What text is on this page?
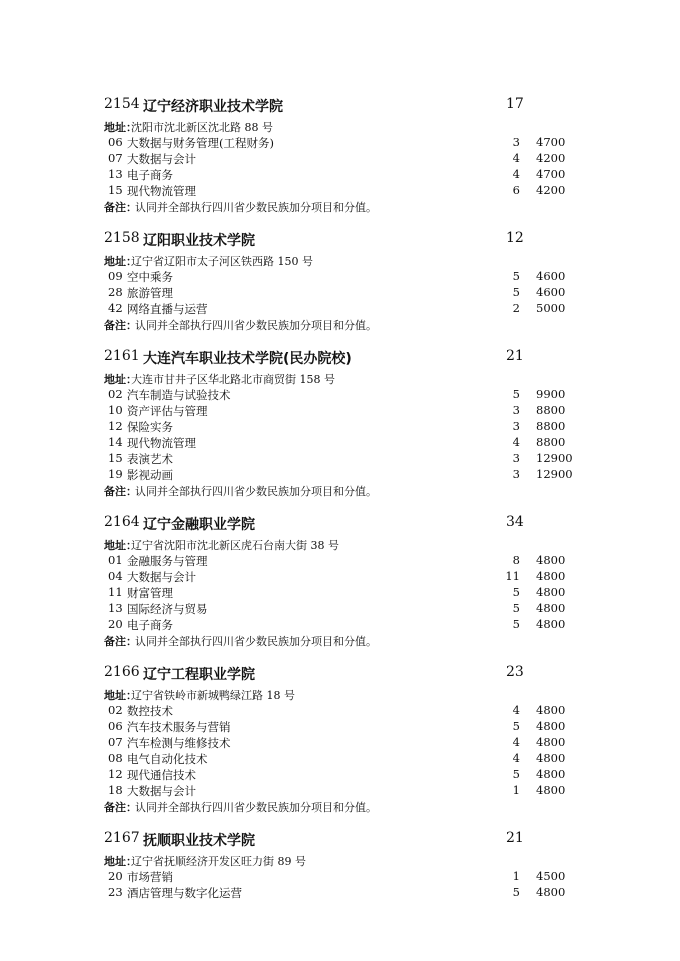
2154 辽宁经济职业技术学院	17
地址：
沈阳市沈北新区沈北路 88 号
06 大数据与财务管理(工程财务)	3 4700
07 大数据与会计	4 4200
13 电子商务	4 4700
15 现代物流管理	6 4200
备注：
认同并全部执行四川省少数民族加分项目和分值。
2158 辽阳职业技术学院	12
地址：
辽宁省辽阳市太子河区铁西路 150 号
09 空中乘务	5 4600
28 旅游管理	5 4600
42 网络直播与运营	2 5000
备注：
认同并全部执行四川省少数民族加分项目和分值。
2161 大连汽车职业技术学院(民办院校)	21
地址：
大连市甘井子区华北路北市商贸街 158 号
02 汽车制造与试验技术	5 9900
10 资产评估与管理	3 8800
12 保险实务	3 8800
14 现代物流管理	4 8800
15 表演艺术	3 12900
19 影视动画	3 12900
备注：
认同并全部执行四川省少数民族加分项目和分值。
2164 辽宁金融职业学院	34
地址：
辽宁省沈阳市沈北新区虎石台南大街 38 号
01 金融服务与管理	8 4800
04 大数据与会计	11 4800
11 财富管理	5 4800
13 国际经济与贸易	5 4800
20 电子商务	5 4800
备注：
认同并全部执行四川省少数民族加分项目和分值。
2166 辽宁工程职业学院	23
地址：
辽宁省铁岭市新城鸭绿江路 18 号
02 数控技术	4 4800
06 汽车技术服务与营销	5 4800
07 汽车检测与维修技术	4 4800
08 电气自动化技术	4 4800
12 现代通信技术	5 4800
18 大数据与会计	1 4800
备注：
认同并全部执行四川省少数民族加分项目和分值。
2167 抚顺职业技术学院	21
地址：
辽宁省抚顺经济开发区旺力街 89 号
20 市场营销	1 4500
23 酒店管理与数字化运营	5 4800
